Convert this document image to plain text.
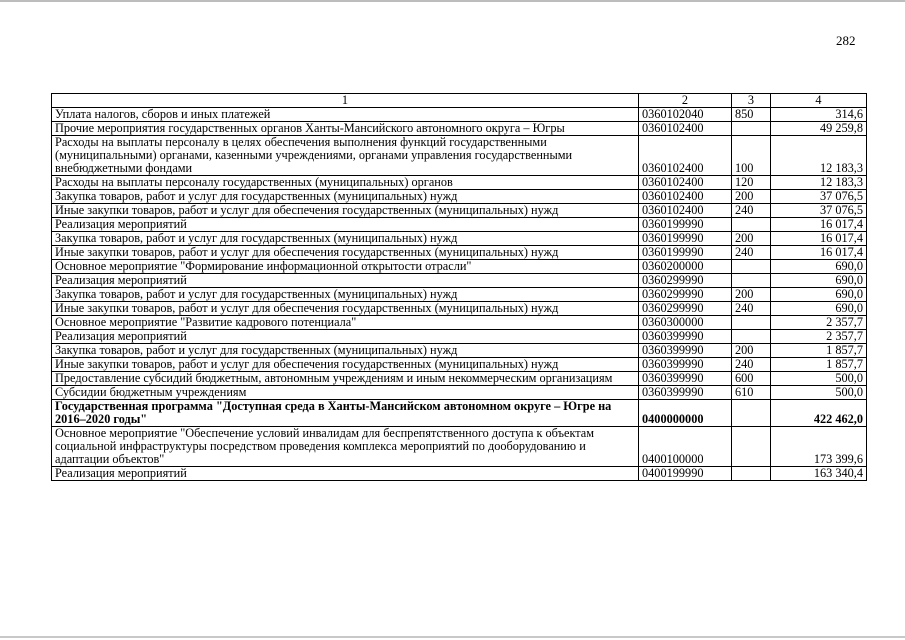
282
1	2	3	4
Уплата налогов, сборов и иных платежей	0360102040	850	314,6
Прочие мероприятия государственных органов Ханты-Мансийского автономного округа – Югры	0360102400		49 259,8
Расходы на выплаты персоналу в целях обеспечения выполнения функций государственными (муниципальными) органами, казенными учреждениями, органами управления государственными внебюджетными фондами	0360102400	100	12 183,3
Расходы на выплаты персоналу государственных (муниципальных) органов	0360102400	120	12 183,3
Закупка товаров, работ и услуг для государственных (муниципальных) нужд	0360102400	200	37 076,5
Иные закупки товаров, работ и услуг для обеспечения государственных (муниципальных) нужд	0360102400	240	37 076,5
Реализация мероприятий	0360199990		16 017,4
Закупка товаров, работ и услуг для государственных (муниципальных) нужд	0360199990	200	16 017,4
Иные закупки товаров, работ и услуг для обеспечения государственных (муниципальных) нужд	0360199990	240	16 017,4
Основное мероприятие "Формирование информационной открытости отрасли"	0360200000		690,0
Реализация мероприятий	0360299990		690,0
Закупка товаров, работ и услуг для государственных (муниципальных) нужд	0360299990	200	690,0
Иные закупки товаров, работ и услуг для обеспечения государственных (муниципальных) нужд	0360299990	240	690,0
Основное мероприятие "Развитие кадрового потенциала"	0360300000		2 357,7
Реализация мероприятий	0360399990		2 357,7
Закупка товаров, работ и услуг для государственных (муниципальных) нужд	0360399990	200	1 857,7
Иные закупки товаров, работ и услуг для обеспечения государственных (муниципальных) нужд	0360399990	240	1 857,7
Предоставление субсидий бюджетным, автономным учреждениям и иным некоммерческим организациям	0360399990	600	500,0
Субсидии бюджетным учреждениям	0360399990	610	500,0
Государственная программа "Доступная среда в Ханты-Мансийском автономном округе – Югре на 2016–2020 годы"	0400000000		422 462,0
Основное мероприятие "Обеспечение условий инвалидам для беспрепятственного доступа к объектам социальной инфраструктуры посредством проведения комплекса мероприятий по дооборудованию и адаптации объектов"	0400100000		173 399,6
Реализация мероприятий	0400199990		163 340,4
